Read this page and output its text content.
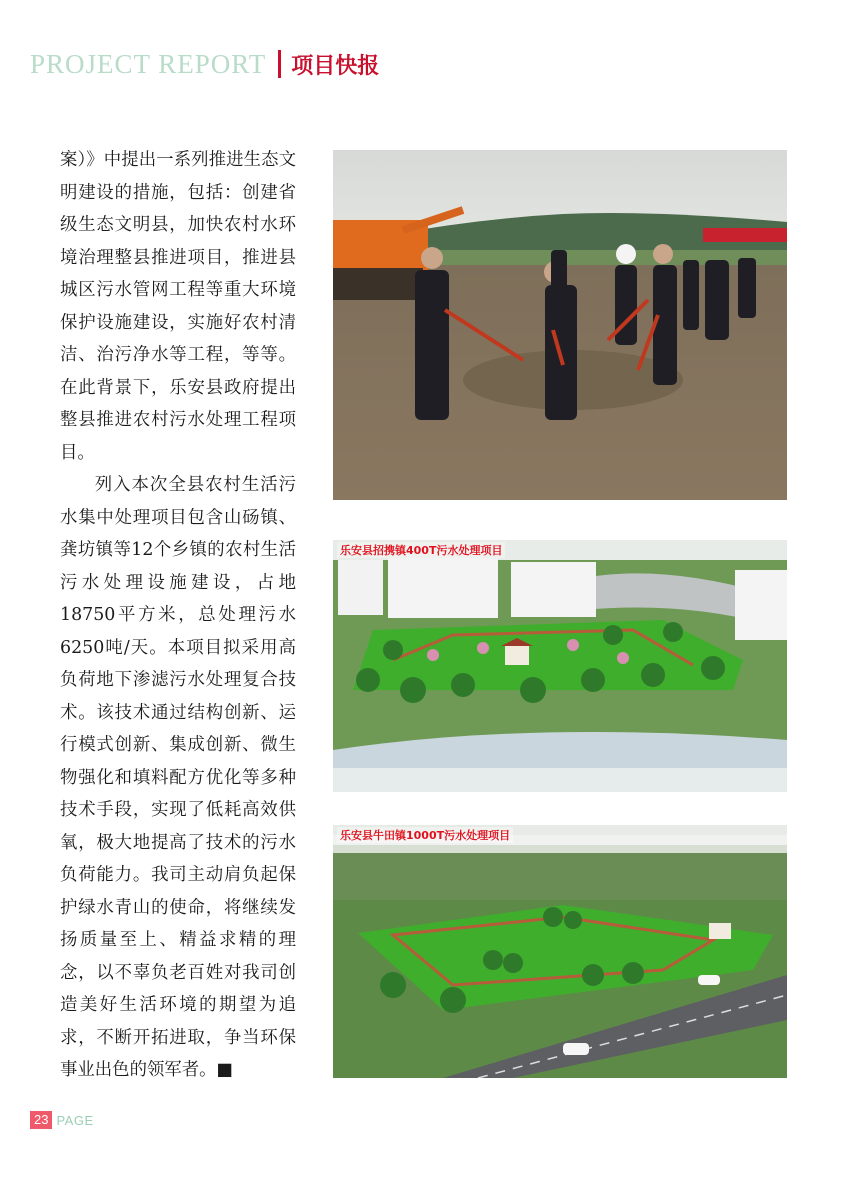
PROJECT REPORT 项目快报

案）》中提出一系列推进生态文明建设的措施，包括：创建省级生态文明县，加快农村水环境治理整县推进项目，推进县城区污水管网工程等重大环境保护设施建设，实施好农村清洁、治污净水等工程，等等。在此背景下，乐安县政府提出整县推进农村污水处理工程项目。

列入本次全县农村生活污水集中处理项目包含山砀镇、龚坊镇等12个乡镇的农村生活污水处理设施建设，占地18750平方米，总处理污水6250吨/天。本项目拟采用高负荷地下渗滤污水处理复合技术。该技术通过结构创新、运行模式创新、集成创新、微生物强化和填料配方优化等多种技术手段，实现了低耗高效供氧，极大地提高了技术的污水负荷能力。我司主动肩负起保护绿水青山的使命，将继续发扬质量至上、精益求精的理念，以不辜负老百姓对我司创造美好生活环境的期望为追求，不断开拓进取，争当环保事业出色的领军者。■

乐安县招携镇400T污水处理项目
乐安县牛田镇1000T污水处理项目
23 PAGE
